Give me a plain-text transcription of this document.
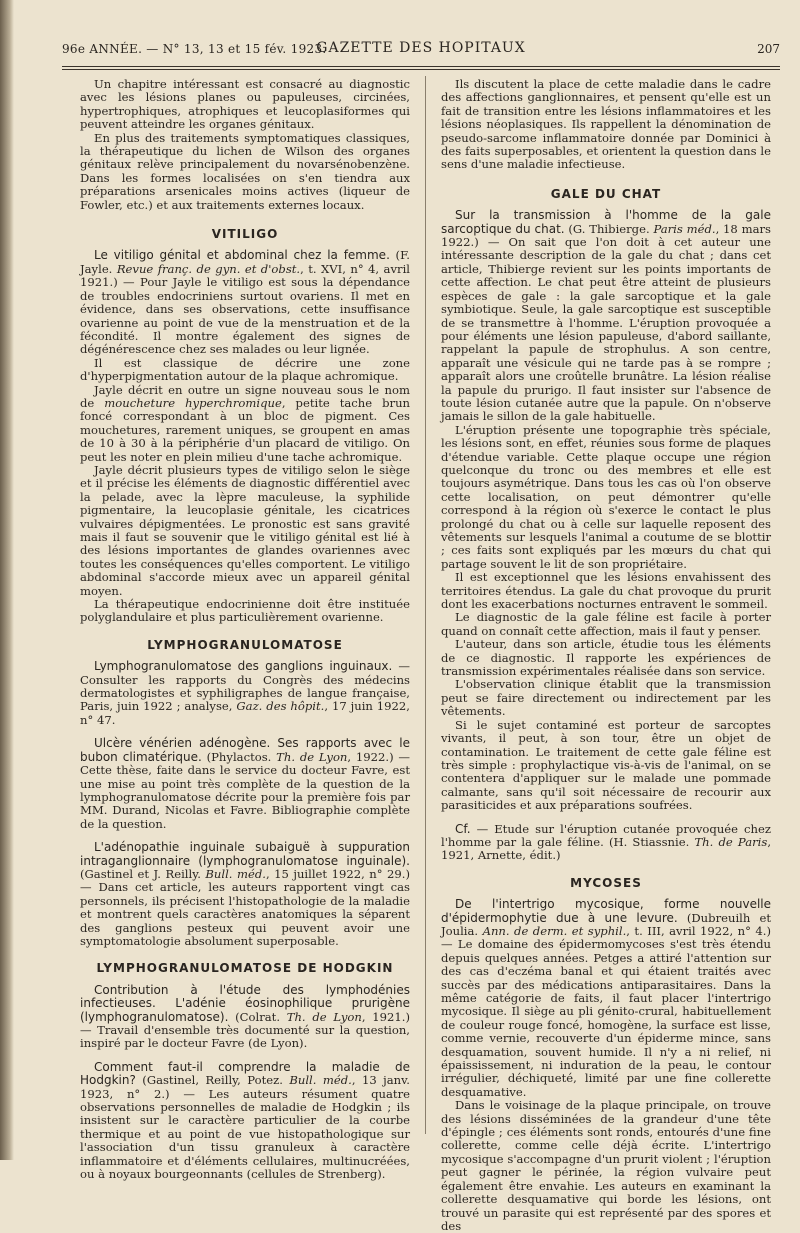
96e ANNÉE. — N° 13, 13 et 15 fév. 1923.
GAZETTE DES HOPITAUX	207

Un chapitre intéressant est consacré au diagnostic avec les lésions planes ou papuleuses, circinées, hypertrophiques, atrophiques et leucoplasiformes qui peuvent atteindre les organes génitaux.

En plus des traitements symptomatiques classiques, la thérapeutique du lichen de Wilson des organes génitaux relève principalement du novarsénobenzène. Dans les formes localisées on s'en tiendra aux préparations arsenicales moins actives (liqueur de Fowler, etc.) et aux traitements externes locaux.

VITILIGO

Le vitiligo génital et abdominal chez la femme. (F. Jayle. Revue franç. de gyn. et d'obst., t. XVI, n° 4, avril 1921.) — Pour Jayle le vitiligo est sous la dépendance de troubles endocriniens surtout ovariens. Il met en évidence, dans ses observations, cette insuffisance ovarienne au point de vue de la menstruation et de la fécondité. Il montre également des signes de dégénérescence chez ses malades ou leur lignée.

Il est classique de décrire une zone d'hyperpigmentation autour de la plaque achromique.

Jayle décrit en outre un signe nouveau sous le nom de moucheture hyperchromique, petite tache brun foncé correspondant à un bloc de pigment. Ces mouchetures, rarement uniques, se groupent en amas de 10 à 30 à la périphérie d'un placard de vitiligo. On peut les noter en plein milieu d'une tache achromique.

Jayle décrit plusieurs types de vitiligo selon le siège et il précise les éléments de diagnostic différentiel avec la pelade, avec la lèpre maculeuse, la syphilide pigmentaire, la leucoplasie génitale, les cicatrices vulvaires dépigmentées. Le pronostic est sans gravité mais il faut se souvenir que le vitiligo génital est lié à des lésions importantes de glandes ovariennes avec toutes les conséquences qu'elles comportent. Le vitiligo abdominal s'accorde mieux avec un appareil génital moyen.

La thérapeutique endocrinienne doit être instituée polyglandulaire et plus particulièrement ovarienne.

LYMPHOGRANULOMATOSE

Lymphogranulomatose des ganglions inguinaux. — Consulter les rapports du Congrès des médecins dermatologistes et syphiligraphes de langue française, Paris, juin 1922 ; analyse, Gaz. des hôpit., 17 juin 1922, n° 47.

Ulcère vénérien adénogène. Ses rapports avec le bubon climatérique. (Phylactos. Th. de Lyon, 1922.) — Cette thèse, faite dans le service du docteur Favre, est une mise au point très complète de la question de la lymphogranulomatose décrite pour la première fois par MM. Durand, Nicolas et Favre. Bibliographie complète de la question.

L'adénopathie inguinale subaiguë à suppuration intraganglionnaire (lymphogranulomatose inguinale). (Gastinel et J. Reilly. Bull. méd., 15 juillet 1922, n° 29.) — Dans cet article, les auteurs rapportent vingt cas personnels, ils précisent l'histopathologie de la maladie et montrent quels caractères anatomiques la séparent des ganglions pesteux qui peuvent avoir une symptomatologie absolument superposable.

LYMPHOGRANULOMATOSE DE HODGKIN

Contribution à l'étude des lymphodénies infectieuses. L'adénie éosinophilique prurigène (lymphogranulomatose). (Colrat. Th. de Lyon, 1921.) — Travail d'ensemble très documenté sur la question, inspiré par le docteur Favre (de Lyon).

Comment faut-il comprendre la maladie de Hodgkin? (Gastinel, Reilly, Potez. Bull. méd., 13 janv. 1923, n° 2.) — Les auteurs résument quatre observations personnelles de maladie de Hodgkin ; ils insistent sur le caractère particulier de la courbe thermique et au point de vue histopathologique sur l'association d'un tissu granuleux à caractère inflammatoire et d'éléments cellulaires, multinucréées, ou à noyaux bourgeonnants (cellules de Strenberg).

Ils discutent la place de cette maladie dans le cadre des affections ganglionnaires, et pensent qu'elle est un fait de transition entre les lésions inflammatoires et les lésions néoplasiques. Ils rappellent la dénomination de pseudo-sarcome inflammatoire donnée par Dominici à des faits superposables, et orientent la question dans le sens d'une maladie infectieuse.

GALE DU CHAT

Sur la transmission à l'homme de la gale sarcoptique du chat. (G. Thibierge. Paris méd., 18 mars 1922.) — On sait que l'on doit à cet auteur une intéressante description de la gale du chat ; dans cet article, Thibierge revient sur les points importants de cette affection. Le chat peut être atteint de plusieurs espèces de gale : la gale sarcoptique et la gale symbiotique. Seule, la gale sarcoptique est susceptible de se transmettre à l'homme. L'éruption provoquée a pour éléments une lésion papuleuse, d'abord saillante, rappelant la papule de strophulus. A son centre, apparaît une vésicule qui ne tarde pas à se rompre ; apparaît alors une croûtelle brunâtre. La lésion réalise la papule du prurigo. Il faut insister sur l'absence de toute lésion cutanée autre que la papule. On n'observe jamais le sillon de la gale habituelle.

L'éruption présente une topographie très spéciale, les lésions sont, en effet, réunies sous forme de plaques d'étendue variable. Cette plaque occupe une région quelconque du tronc ou des membres et elle est toujours asymétrique. Dans tous les cas où l'on observe cette localisation, on peut démontrer qu'elle correspond à la région où s'exerce le contact le plus prolongé du chat ou à celle sur laquelle reposent des vêtements sur lesquels l'animal a coutume de se blottir ; ces faits sont expliqués par les mœurs du chat qui partage souvent le lit de son propriétaire.

Il est exceptionnel que les lésions envahissent des territoires étendus. La gale du chat provoque du prurit dont les exacerbations nocturnes entravent le sommeil.

Le diagnostic de la gale féline est facile à porter quand on connaît cette affection, mais il faut y penser.

L'auteur, dans son article, étudie tous les éléments de ce diagnostic. Il rapporte les expériences de transmission expérimentales réalisée dans son service.

L'observation clinique établit que la transmission peut se faire directement ou indirectement par les vêtements.

Si le sujet contaminé est porteur de sarcoptes vivants, il peut, à son tour, être un objet de contamination. Le traitement de cette gale féline est très simple : prophylactique vis-à-vis de l'animal, on se contentera d'appliquer sur le malade une pommade calmante, sans qu'il soit nécessaire de recourir aux parasiticides et aux préparations soufrées.

Cf. — Etude sur l'éruption cutanée provoquée chez l'homme par la gale féline. (H. Stiassnie. Th. de Paris, 1921, Arnette, édit.)

MYCOSES

De l'intertrigo mycosique, forme nouvelle d'épidermophytie due à une levure. (Dubreuilh et Joulia. Ann. de derm. et syphil., t. III, avril 1922, n° 4.) — Le domaine des épidermomycoses s'est très étendu depuis quelques années. Petges a attiré l'attention sur des cas d'eczéma banal et qui étaient traités avec succès par des médications antiparasitaires. Dans la même catégorie de faits, il faut placer l'intertrigo mycosique. Il siège au pli génito-crural, habituellement de couleur rouge foncé, homogène, la surface est lisse, comme vernie, recouverte d'un épiderme mince, sans desquamation, souvent humide. Il n'y a ni relief, ni épaississement, ni induration de la peau, le contour irrégulier, déchiqueté, limité par une fine collerette desquamative.

Dans le voisinage de la plaque principale, on trouve des lésions disséminées de la grandeur d'une tête d'épingle ; ces éléments sont ronds, entourés d'une fine collerette, comme celle déjà écrite. L'intertrigo mycosique s'accompagne d'un prurit violent ; l'éruption peut gagner le périnée, la région vulvaire peut également être envahie. Les auteurs en examinant la collerette desquamative qui borde les lésions, ont trouvé un parasite qui est représenté par des spores et des
